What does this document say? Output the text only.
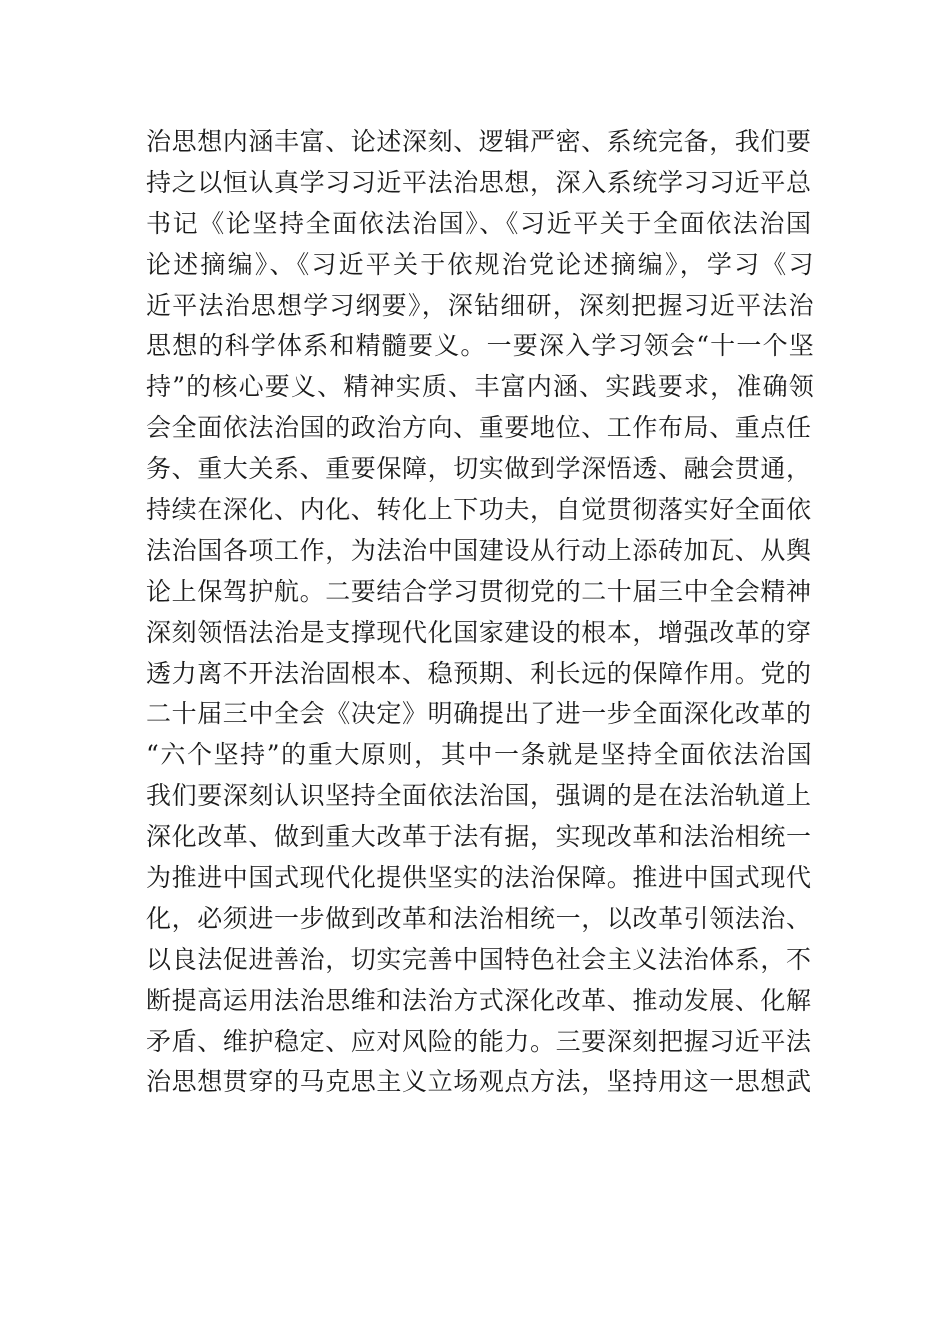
治思想内涵丰富、论述深刻、逻辑严密、系统完备，我们要
持之以恒认真学习习近平法治思想，深入系统学习习近平总
书记《论坚持全面依法治国》、《习近平关于全面依法治国
论述摘编》、《习近平关于依规治党论述摘编》，学习《习
近平法治思想学习纲要》，深钻细研，深刻把握习近平法治
思想的科学体系和精髓要义。一要深入学习领会“十一个坚
持”的核心要义、精神实质、丰富内涵、实践要求，准确领
会全面依法治国的政治方向、重要地位、工作布局、重点任
务、重大关系、重要保障，切实做到学深悟透、融会贯通，
持续在深化、内化、转化上下功夫，自觉贯彻落实好全面依
法治国各项工作，为法治中国建设从行动上添砖加瓦、从舆
论上保驾护航。二要结合学习贯彻党的二十届三中全会精神
深刻领悟法治是支撑现代化国家建设的根本，增强改革的穿
透力离不开法治固根本、稳预期、利长远的保障作用。党的
二十届三中全会《决定》明确提出了进一步全面深化改革的
“六个坚持”的重大原则，其中一条就是坚持全面依法治国
我们要深刻认识坚持全面依法治国，强调的是在法治轨道上
深化改革、做到重大改革于法有据，实现改革和法治相统一
为推进中国式现代化提供坚实的法治保障。推进中国式现代
化，必须进一步做到改革和法治相统一，以改革引领法治、
以良法促进善治，切实完善中国特色社会主义法治体系，不
断提高运用法治思维和法治方式深化改革、推动发展、化解
矛盾、维护稳定、应对风险的能力。三要深刻把握习近平法
治思想贯穿的马克思主义立场观点方法，坚持用这一思想武
